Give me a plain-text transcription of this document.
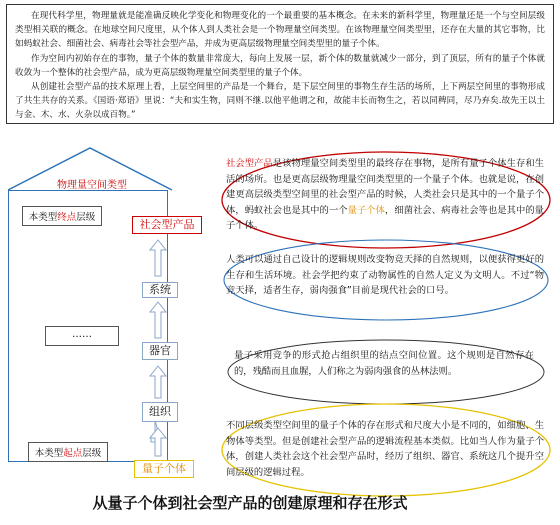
在现代科学里，物理量就是能准确反映化学变化和物理变化的一个最重要的基本概念。在未来的新科学里，物理量还是一个与空间层级类型相关联的概念。在地球空间尺度里，从个体人到人类社会是一个物理量空间类型。在该物理量空间类型里，还存在大量的其它事物，比如蚂蚁社会、细菌社会、病毒社会等社会型产品，并成为更高层级物理量空间类型里的量子个体。

作为空间内初始存在的事物，量子个体的数量非常庞大，每向上发展一层，新个体的数量就减少一部分，到了顶层，所有的量子个体就收敛为一个整体的社会型产品，成为更高层级物理量空间类型里的量子个体。

从创建社会型产品的技术原理上看，上层空间里的产品是一个舞台，是下层空间里的事物生存生活的场所，上下两层空间里的事物形成了共生共存的关系。《国语·郑语》里说：“夫和实生物，同则不继.以他平他谓之和，故能丰长而物生之，若以同稗同，尽乃弃矣.故先王以土与金、木、水、火杂以成百物。”

物理量空间类型
本类型终点层级
……
本类型起点层级
社会型产品
系统
器官
组织
量子个体
社会型产品是该物理量空间类型里的最终存在事物，是所有量子个体生存和生活的场所。也是更高层级物理量空间类型里的一个量子个体。也就是说，在创建更高层级类型空间里的社会型产品的时候，人类社会只是其中的一个量子个体，蚂蚁社会也是其中的一个量子个体，细菌社会、病毒社会等也是其中的量子个体。
人类可以通过自己设计的逻辑规则改变物竞天择的自然规则，以便获得更好的生存和生活环境。社会学把约束了动物属性的自然人定义为文明人。不过“物竞天择，适者生存，弱肉强食”目前是现代社会的口号。
量子采用竞争的形式抢占组织里的结点空间位置。这个规则是自然存在的，残酷而且血腥，人们称之为弱肉强食的丛林法则。
不同层级类型空间里的量子个体的存在形式和尺度大小是不同的，如细胞、生物体等类型。但是创建社会型产品的逻辑流程基本类似。比如当人作为量子个体，创建人类社会这个社会型产品时，经历了组织、器官、系统这几个提升空间层级的逻辑过程。
从量子个体到社会型产品的创建原理和存在形式
